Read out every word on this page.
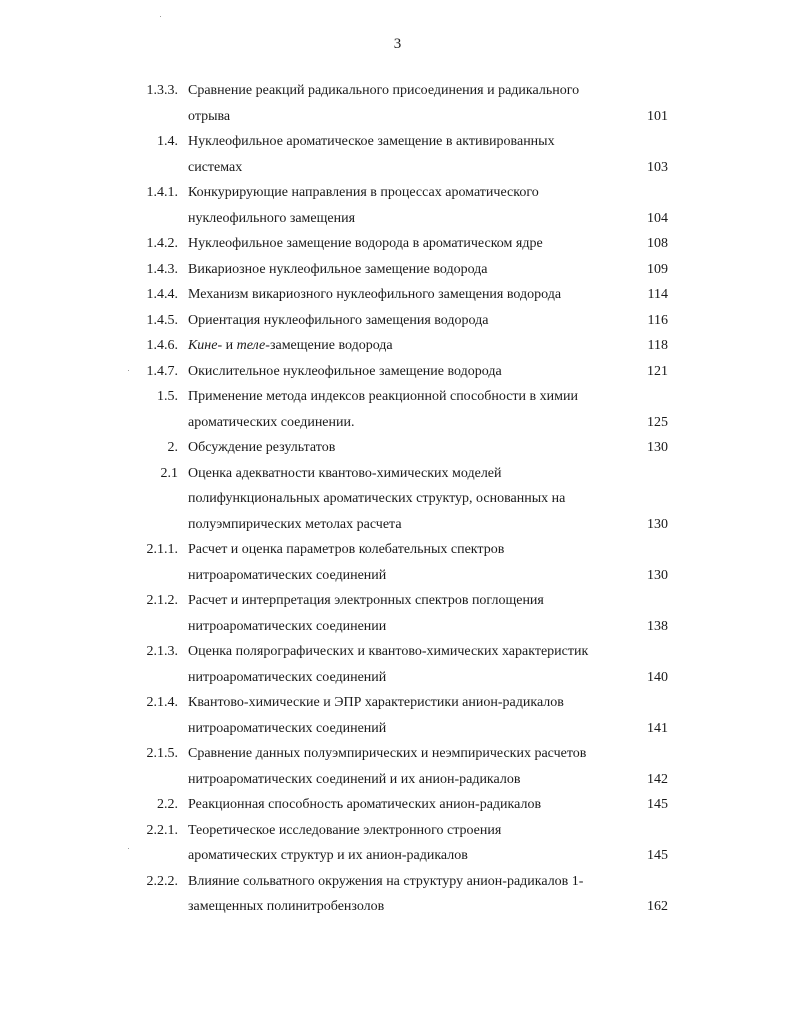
3
1.3.3. Сравнение реакций радикального присоединения и радикального
отрыва	101
1.4. Нуклеофильное ароматическое замещение в активированных
системах	103
1.4.1. Конкурирующие направления в процессах ароматического
нуклеофильного замещения	104
1.4.2. Нуклеофильное замещение водорода в ароматическом ядре	108
1.4.3. Викариозное нуклеофильное замещение водорода	109
1.4.4. Механизм викариозного нуклеофильного замещения водорода	114
1.4.5. Ориентация нуклеофильного замещения водорода	116
1.4.6. Кине- и теле-замещение водорода	118
1.4.7. Окислительное нуклеофильное замещение водорода	121
1.5. Применение метода индексов реакционной способности в химии
ароматических соединении.	125
2. Обсуждение результатов	130
2.1 Оценка адекватности квантово-химических моделей
полифункциональных ароматических структур, основанных на
полуэмпирических метолах расчета	130
2.1.1. Расчет и оценка параметров колебательных спектров
нитроароматических соединений	130
2.1.2. Расчет и интерпретация электронных спектров поглощения
нитроароматических соединении	138
2.1.3. Оценка полярографических и квантово-химических характеристик
нитроароматических соединений	140
2.1.4. Квантово-химические и ЭПР характеристики анион-радикалов
нитроароматических соединений	141
2.1.5. Сравнение данных полуэмпирических и неэмпирических расчетов
нитроароматических соединений и их анион-радикалов	142
2.2. Реакционная способность ароматических анион-радикалов	145
2.2.1. Теоретическое исследование электронного строения
ароматических структур и их анион-радикалов	145
2.2.2. Влияние сольватного окружения на структуру анион-радикалов 1-
замещенных полинитробензолов	162
